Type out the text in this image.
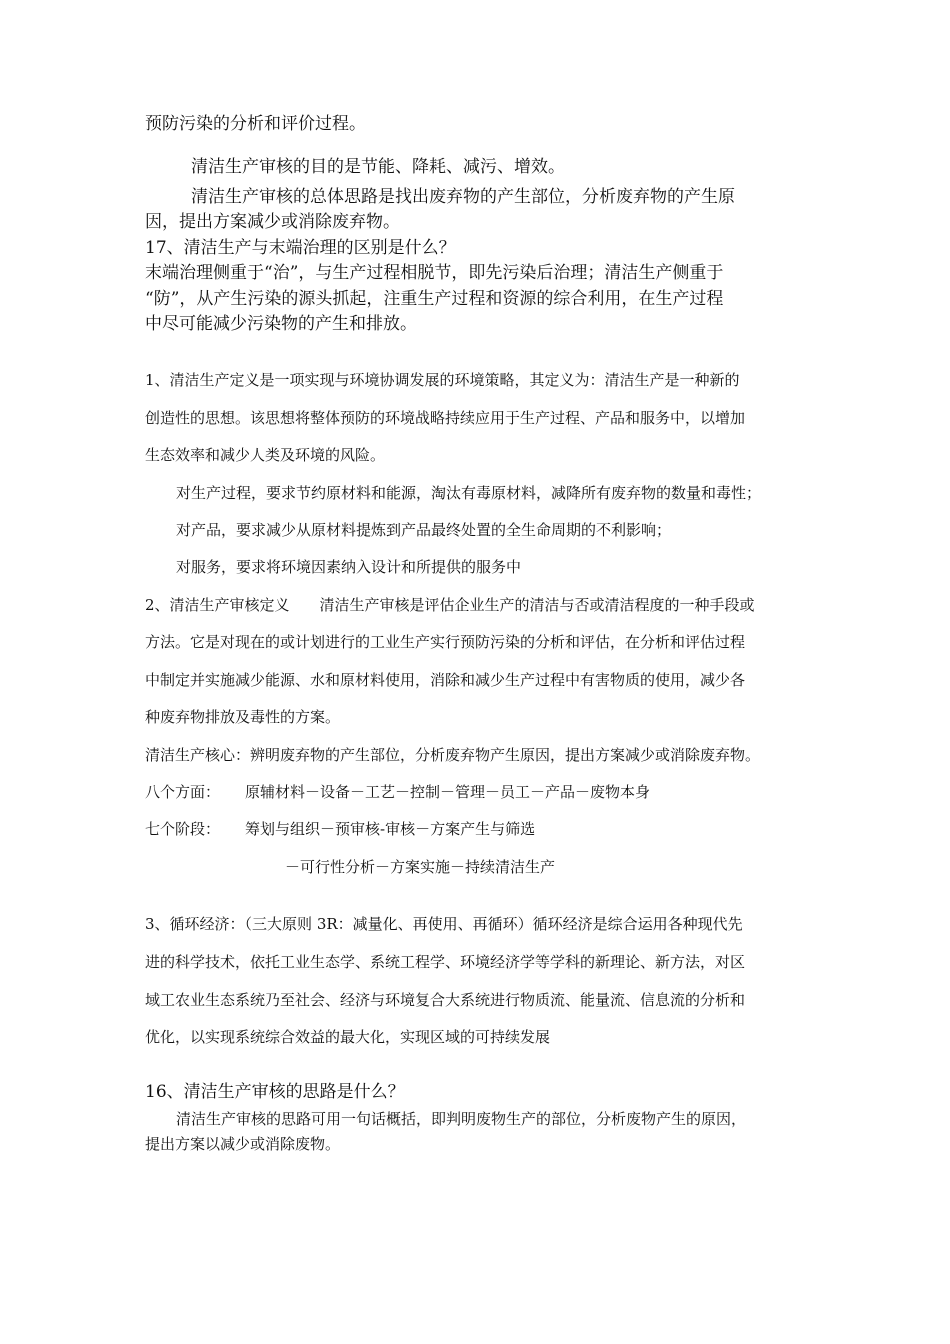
预防污染的分析和评价过程。
清洁生产审核的目的是节能、降耗、减污、增效。
清洁生产审核的总体思路是找出废弃物的产生部位，分析废弃物的产生原
因，提出方案减少或消除废弃物。
17、清洁生产与末端治理的区别是什么？
末端治理侧重于“治”，与生产过程相脱节，即先污染后治理；清洁生产侧重于
“防”，从产生污染的源头抓起，注重生产过程和资源的综合利用，在生产过程
中尽可能减少污染物的产生和排放。
1、清洁生产定义是一项实现与环境协调发展的环境策略，其定义为：清洁生产是一种新的
创造性的思想。该思想将整体预防的环境战略持续应用于生产过程、产品和服务中，以增加
生态效率和减少人类及环境的风险。
对生产过程，要求节约原材料和能源，淘汰有毒原材料，减降所有废弃物的数量和毒性；
对产品，要求减少从原材料提炼到产品最终处置的全生命周期的不利影响；
对服务，要求将环境因素纳入设计和所提供的服务中
2、清洁生产审核定义　　清洁生产审核是评估企业生产的清洁与否或清洁程度的一种手段或
方法。它是对现在的或计划进行的工业生产实行预防污染的分析和评估，在分析和评估过程
中制定并实施减少能源、水和原材料使用，消除和减少生产过程中有害物质的使用，减少各
种废弃物排放及毒性的方案。
清洁生产核心：辨明废弃物的产生部位，分析废弃物产生原因，提出方案减少或消除废弃物。
八个方面： 原辅材料－设备－工艺－控制－管理－员工－产品－废物本身
七个阶段： 筹划与组织－预审核-审核－方案产生与筛选
－可行性分析－方案实施－持续清洁生产
3、循环经济：（三大原则 3R：减量化、再使用、再循环）循环经济是综合运用各种现代先
进的科学技术，依托工业生态学、系统工程学、环境经济学等学科的新理论、新方法，对区
域工农业生态系统乃至社会、经济与环境复合大系统进行物质流、能量流、信息流的分析和
优化，以实现系统综合效益的最大化，实现区域的可持续发展
16、清洁生产审核的思路是什么？
清洁生产审核的思路可用一句话概括，即判明废物生产的部位，分析废物产生的原因，
提出方案以减少或消除废物。
